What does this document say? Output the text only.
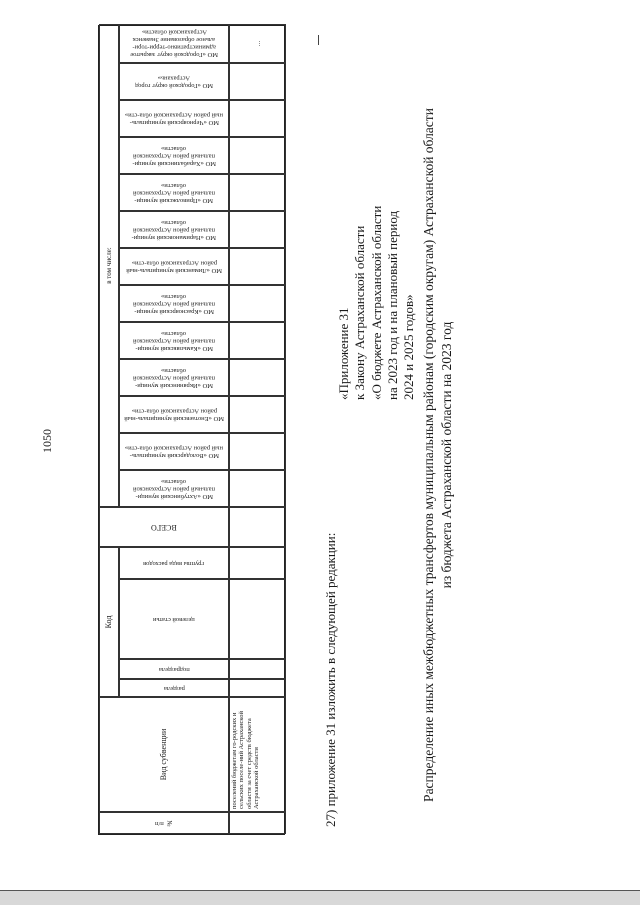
1050
№ п/п
Вид субвенции
Код
раздела
подраздела
целевой статьи
группы вида расходов
ВСЕГО
в том числе:
МО «Ахтубинский муници-пальный район Астраханской области»
МО «Володарский муниципаль-ный район Астраханской обла-сти»
МО «Енотаевский муниципаль-ный район Астраханской обла-сти»
МО «Икрянинский муници-пальный район Астраханской области»
МО «Камызякский муници-пальный район Астраханской области»
МО «Красноярский муници-пальный район Астраханской области»
МО «Лиманский муниципаль-ный район Астраханской обла-сти»
МО «Наримановский муници-пальный район Астраханской области»
МО «Приволжский муници-пальный район Астраханской области»
МО «Харабалинский муници-пальный район Астраханской области»
МО «Черноярский муниципаль-ный район Астраханской обла-сти»
МО «Городской округ город Астрахань»
МО «Городской округ закрытое административно-терри-тори-альное образование Знаменск Астраханской области»
поселений бюджетам го-родских и сельских поселе-ний Астраханской области за счет средств бюджета Астраханской области
...
27) приложение 31 изложить в следующей редакции:
«Приложение 31 к Закону Астраханской области «О бюджете Астраханской области на 2023 год и на плановый период 2024 и 2025 годов» Распределение иных межбюджетных трансфертов муниципальным районам (городским округам) Астраханской области из бюджета Астраханской области на 2023 год
